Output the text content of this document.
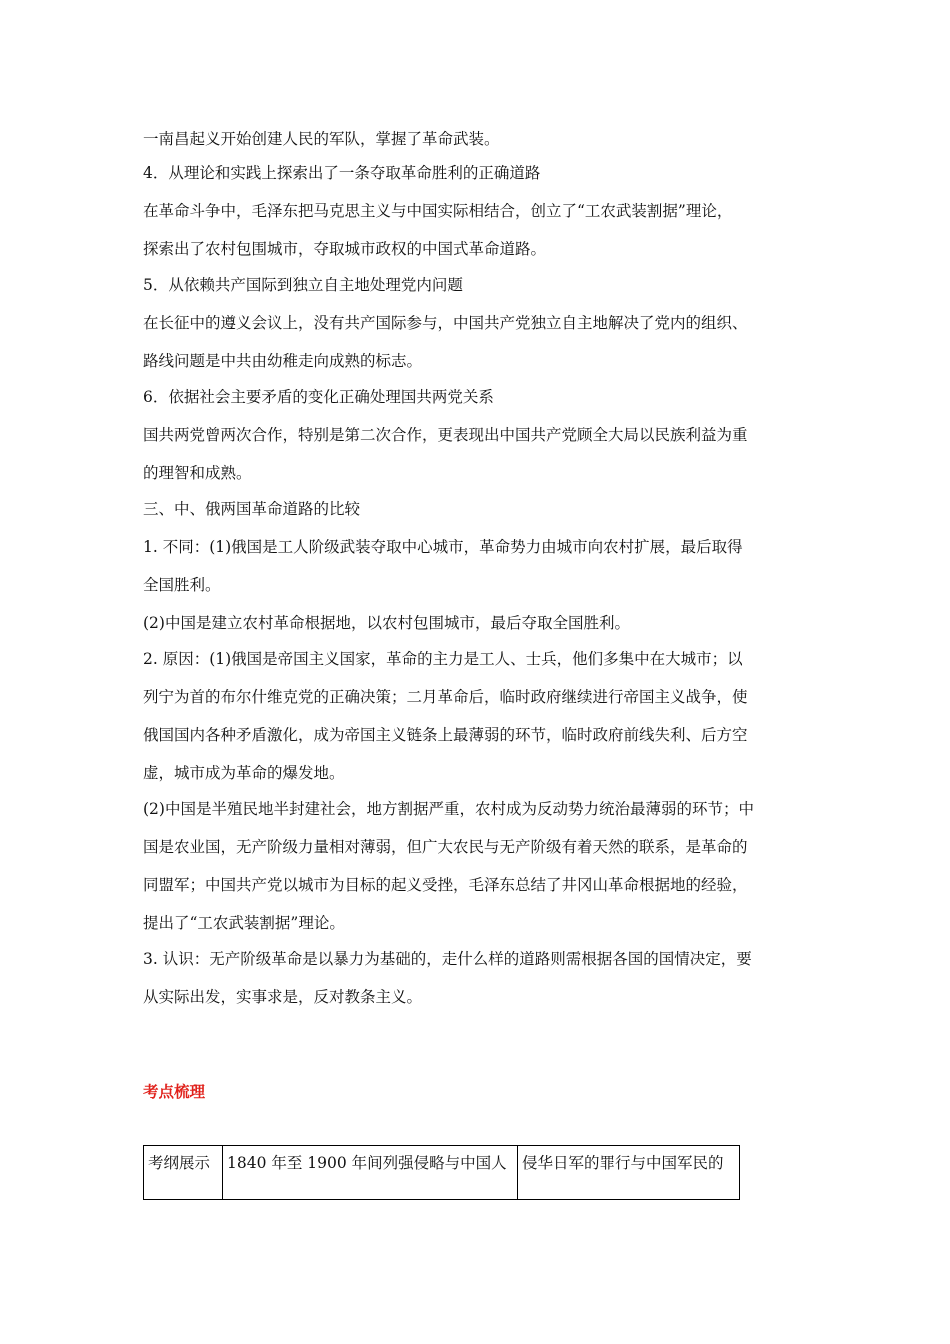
一南昌起义开始创建人民的军队，掌握了革命武装。

4．从理论和实践上探索出了一条夺取革命胜利的正确道路

在革命斗争中，毛泽东把马克思主义与中国实际相结合，创立了“工农武装割据”理论，

探索出了农村包围城市，夺取城市政权的中国式革命道路。

5．从依赖共产国际到独立自主地处理党内问题

在长征中的遵义会议上，没有共产国际参与，中国共产党独立自主地解决了党内的组织、

路线问题是中共由幼稚走向成熟的标志。

6．依据社会主要矛盾的变化正确处理国共两党关系

国共两党曾两次合作，特别是第二次合作，更表现出中国共产党顾全大局以民族利益为重

的理智和成熟。

三、中、俄两国革命道路的比较

1. 不同：(1)俄国是工人阶级武装夺取中心城市，革命势力由城市向农村扩展，最后取得

全国胜利。

(2)中国是建立农村革命根据地，以农村包围城市，最后夺取全国胜利。

2. 原因：(1)俄国是帝国主义国家，革命的主力是工人、士兵，他们多集中在大城市；以

列宁为首的布尔什维克党的正确决策；二月革命后，临时政府继续进行帝国主义战争，使

俄国国内各种矛盾激化，成为帝国主义链条上最薄弱的环节，临时政府前线失利、后方空

虚，城市成为革命的爆发地。

(2)中国是半殖民地半封建社会，地方割据严重，农村成为反动势力统治最薄弱的环节；中

国是农业国，无产阶级力量相对薄弱，但广大农民与无产阶级有着天然的联系，是革命的

同盟军；中国共产党以城市为目标的起义受挫，毛泽东总结了井冈山革命根据地的经验，

提出了“工农武装割据”理论。

3. 认识：无产阶级革命是以暴力为基础的，走什么样的道路则需根据各国的国情决定，要

从实际出发，实事求是，反对教条主义。

考点梳理
考纲展示	1840 年至 1900 年间列强侵略与中国人	侵华日军的罪行与中国军民的
